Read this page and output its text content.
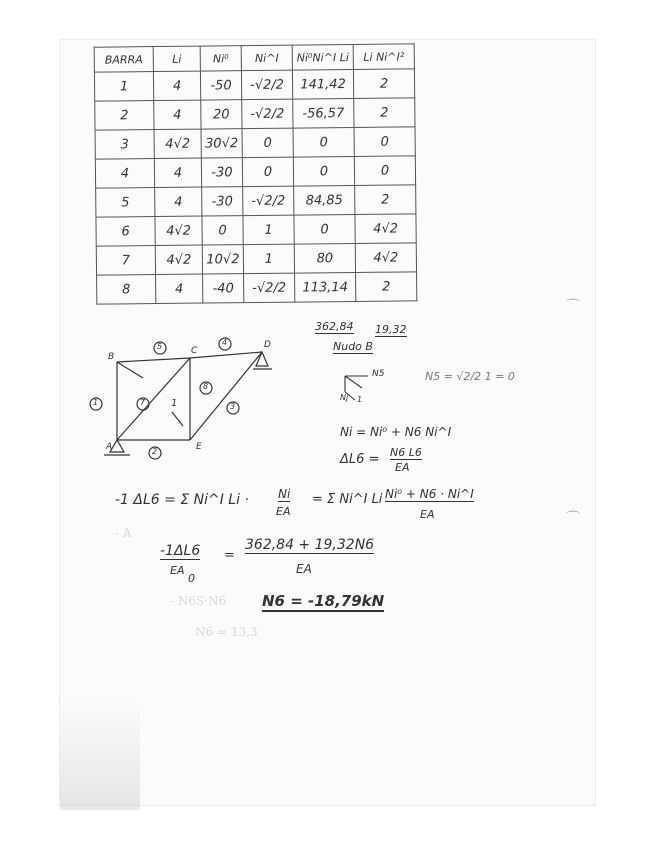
BARRA	Li	Ni⁰	Ni^I	Ni⁰Ni^I Li	Li Ni^I²
1	4	-50	-√2/2	141,42	2
2	4	20	-√2/2	-56,57	2
3	4√2	30√2	0	0	0
4	4	-30	0	0	0
5	4	-30	-√2/2	84,85	2
6	4√2	0	1	0	4√2
7	4√2	10√2	1	80	4√2
8	4	-40	-√2/2	113,14	2
362,84 19,32
B
C
D
A	E
5	4
1	7
8
3
2
1
Nudo B
N5
Nj 1
N5 = √2/2 1 = 0
Ni = Ni⁰ + N6 Ni^I
ΔL6 = N6 L6
EA
-1 ΔL6 = Σ Ni^I Li · Ni
EA
= Σ Ni^I Li Ni⁰ + N6 · Ni^I
EA
- A
-1ΔL6
EA
0
=
362,84 + 19,32N6
EA
- N6S·N6 N6 = -18,79kN
N6 = 13,3
⌒
⌒
